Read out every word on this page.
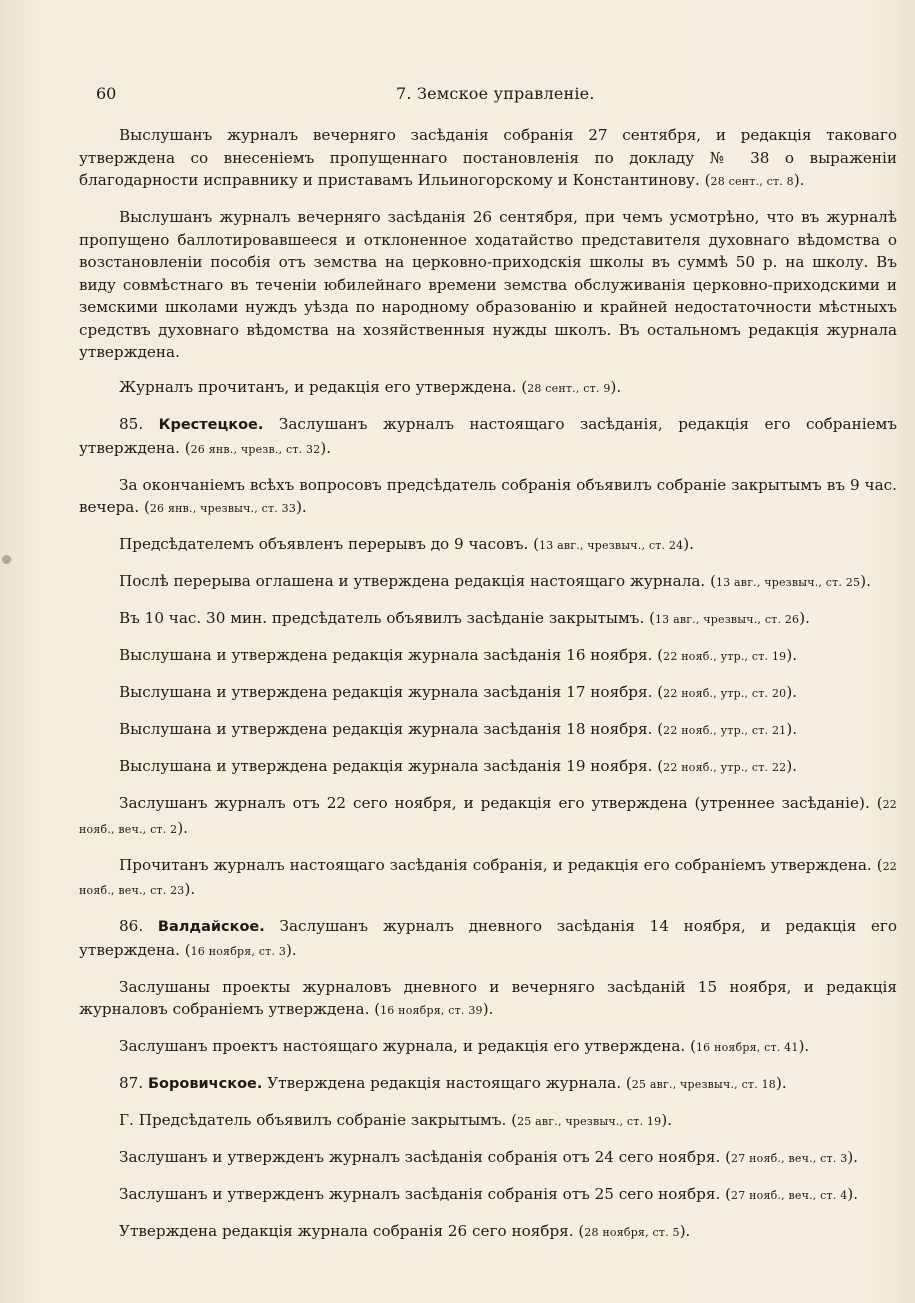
60	7. Земское управленіе.

Выслушанъ журналъ вечерняго засѣданія собранія 27 сентября, и редакція таковаго утверждена со внесеніемъ пропущеннаго постановленія по докладу № 38 о выраженіи благодарности исправнику и приставамъ Ильиногорскому и Константинову. (28 сент., ст. 8).

Выслушанъ журналъ вечерняго засѣданія 26 сентября, при чемъ усмотрѣно, что въ журналѣ пропущено баллотировавшееся и отклоненное ходатайство представителя духовнаго вѣдомства о возстановленіи пособія отъ земства на церковно-приходскія школы въ суммѣ 50 р. на школу. Въ виду совмѣстнаго въ теченіи юбилейнаго времени земства обслуживанія церковно-приходскими и земскими школами нуждъ уѣзда по народному образованію и крайней недостаточности мѣстныхъ средствъ духовнаго вѣдомства на хозяйственныя нужды школъ. Въ остальномъ редакція журнала утверждена.

Журналъ прочитанъ, и редакція его утверждена. (28 сент., ст. 9).

85. Крестецкое. Заслушанъ журналъ настоящаго засѣданія, редакція его собраніемъ утверждена. (26 янв., чрезв., ст. 32).

За окончаніемъ всѣхъ вопросовъ предсѣдатель собранія объявилъ собраніе закрытымъ въ 9 час. вечера. (26 янв., чрезвыч., ст. 33).

Предсѣдателемъ объявленъ перерывъ до 9 часовъ. (13 авг., чрезвыч., ст. 24).

Послѣ перерыва оглашена и утверждена редакція настоящаго журнала. (13 авг., чрезвыч., ст. 25).

Въ 10 час. 30 мин. предсѣдатель объявилъ засѣданіе закрытымъ. (13 авг., чрезвыч., ст. 26).

Выслушана и утверждена редакція журнала засѣданія 16 ноября. (22 нояб., утр., ст. 19).

Выслушана и утверждена редакція журнала засѣданія 17 ноября. (22 нояб., утр., ст. 20).

Выслушана и утверждена редакція журнала засѣданія 18 ноября. (22 нояб., утр., ст. 21).

Выслушана и утверждена редакція журнала засѣданія 19 ноября. (22 нояб., утр., ст. 22).

Заслушанъ журналъ отъ 22 сего ноября, и редакція его утверждена (утреннее засѣданіе). (22 нояб., веч., ст. 2).

Прочитанъ журналъ настоящаго засѣданія собранія, и редакція его собраніемъ утверждена. (22 нояб., веч., ст. 23).

86. Валдайское. Заслушанъ журналъ дневного засѣданія 14 ноября, и редакція его утверждена. (16 ноября, ст. 3).

Заслушаны проекты журналовъ дневного и вечерняго засѣданій 15 ноября, и редакція журналовъ собраніемъ утверждена. (16 ноября, ст. 39).

Заслушанъ проектъ настоящаго журнала, и редакція его утверждена. (16 ноября, ст. 41).

87. Боровичское. Утверждена редакція настоящаго журнала. (25 авг., чрезвыч., ст. 18).

Г. Предсѣдатель объявилъ собраніе закрытымъ. (25 авг., чрезвыч., ст. 19).

Заслушанъ и утвержденъ журналъ засѣданія собранія отъ 24 сего ноября. (27 нояб., веч., ст. 3).

Заслушанъ и утвержденъ журналъ засѣданія собранія отъ 25 сего ноября. (27 нояб., веч., ст. 4).

Утверждена редакція журнала собранія 26 сего ноября. (28 ноября, ст. 5).
